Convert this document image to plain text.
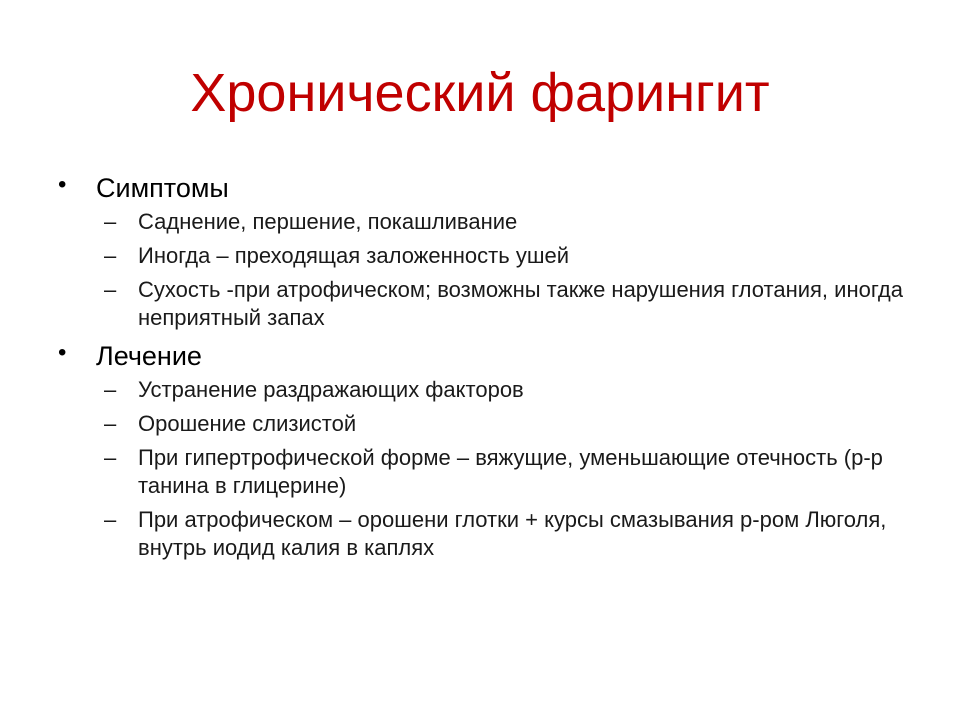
Хронический фарингит
• Симптомы
– Саднение, першение, покашливание
– Иногда – преходящая заложенность ушей
– Сухость -при атрофическом; возможны также нарушения глотания, иногда неприятный запах
• Лечение
– Устранение раздражающих факторов
– Орошение слизистой
– При гипертрофической форме – вяжущие, уменьшающие отечность (р-р танина в глицерине)
– При атрофическом – орошени глотки + курсы смазывания р-ром Люголя, внутрь иодид калия в каплях
